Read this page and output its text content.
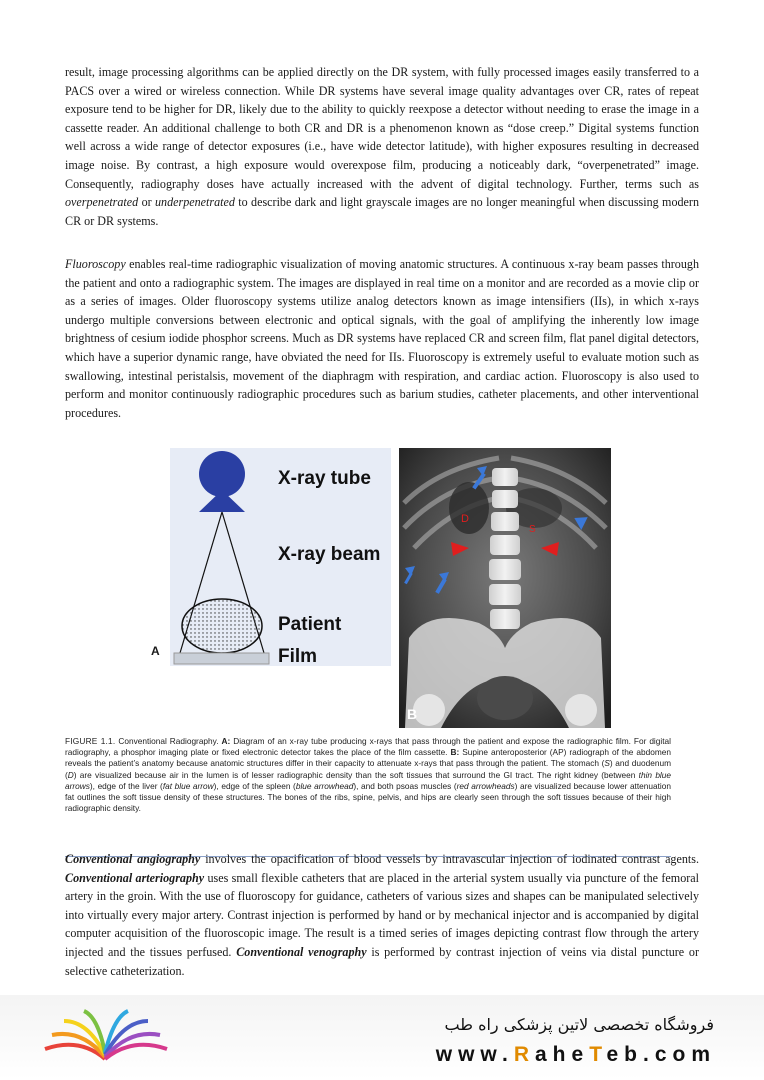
result, image processing algorithms can be applied directly on the DR system, with fully processed images easily transferred to a PACS over a wired or wireless connection. While DR systems have several image quality advantages over CR, rates of repeat exposure tend to be higher for DR, likely due to the ability to quickly reexpose a detector without needing to erase the image in a cassette reader. An additional challenge to both CR and DR is a phenomenon known as “dose creep.” Digital systems function well across a wide range of detector exposures (i.e., have wide detector latitude), with higher exposures resulting in decreased image noise. By contrast, a high exposure would overexpose film, producing a noticeably dark, “overpenetrated” image. Consequently, radiography doses have actually increased with the advent of digital technology. Further, terms such as overpenetrated or underpenetrated to describe dark and light grayscale images are no longer meaningful when discussing modern CR or DR systems.

Fluoroscopy enables real-time radiographic visualization of moving anatomic structures. A continuous x-ray beam passes through the patient and onto a radiographic system. The images are displayed in real time on a monitor and are recorded as a movie clip or as a series of images. Older fluoroscopy systems utilize analog detectors known as image intensifiers (IIs), in which x-rays undergo multiple conversions between electronic and optical signals, with the goal of amplifying the inherently low image brightness of cesium iodide phosphor screens. Much as DR systems have replaced CR and screen film, flat panel digital detectors, which have a superior dynamic range, have obviated the need for IIs. Fluoroscopy is extremely useful to evaluate motion such as swallowing, intestinal peristalsis, movement of the diaphragm with respiration, and cardiac action. Fluoroscopy is also used to perform and monitor continuously radiographic procedures such as barium studies, catheter placements, and other interventional procedures.

X-ray tube
X-ray beam
Patient
Film
A
D
S
B
FIGURE 1.1. Conventional Radiography. A: Diagram of an x-ray tube producing x-rays that pass through the patient and expose the radiographic film. For digital radiography, a phosphor imaging plate or fixed electronic detector takes the place of the film cassette. B: Supine anteroposterior (AP) radiograph of the abdomen reveals the patient’s anatomy because anatomic structures differ in their capacity to attenuate x-rays that pass through the patient. The stomach (S) and duodenum (D) are visualized because air in the lumen is of lesser radiographic density than the soft tissues that surround the GI tract. The right kidney (between thin blue arrows), edge of the liver (fat blue arrow), edge of the spleen (blue arrowhead), and both psoas muscles (red arrowheads) are visualized because lower attenuation fat outlines the soft tissue density of these structures. The bones of the ribs, spine, pelvis, and hips are clearly seen through the soft tissues because of their high radiographic density.

Conventional angiography involves the opacification of blood vessels by intravascular injection of iodinated contrast agents. Conventional arteriography uses small flexible catheters that are placed in the arterial system usually via puncture of the femoral artery in the groin. With the use of fluoroscopy for guidance, catheters of various sizes and shapes can be manipulated selectively into virtually every major artery. Contrast injection is performed by hand or by mechanical injector and is accompanied by digital computer acquisition of the fluoroscopic image. The result is a timed series of images depicting contrast flow through the artery injected and the tissues perfused. Conventional venography is performed by contrast injection of veins via distal puncture or selective catheterization.

فروشگاه تخصصی لاتین پزشکی راه طب
www.RaheTeb.com
